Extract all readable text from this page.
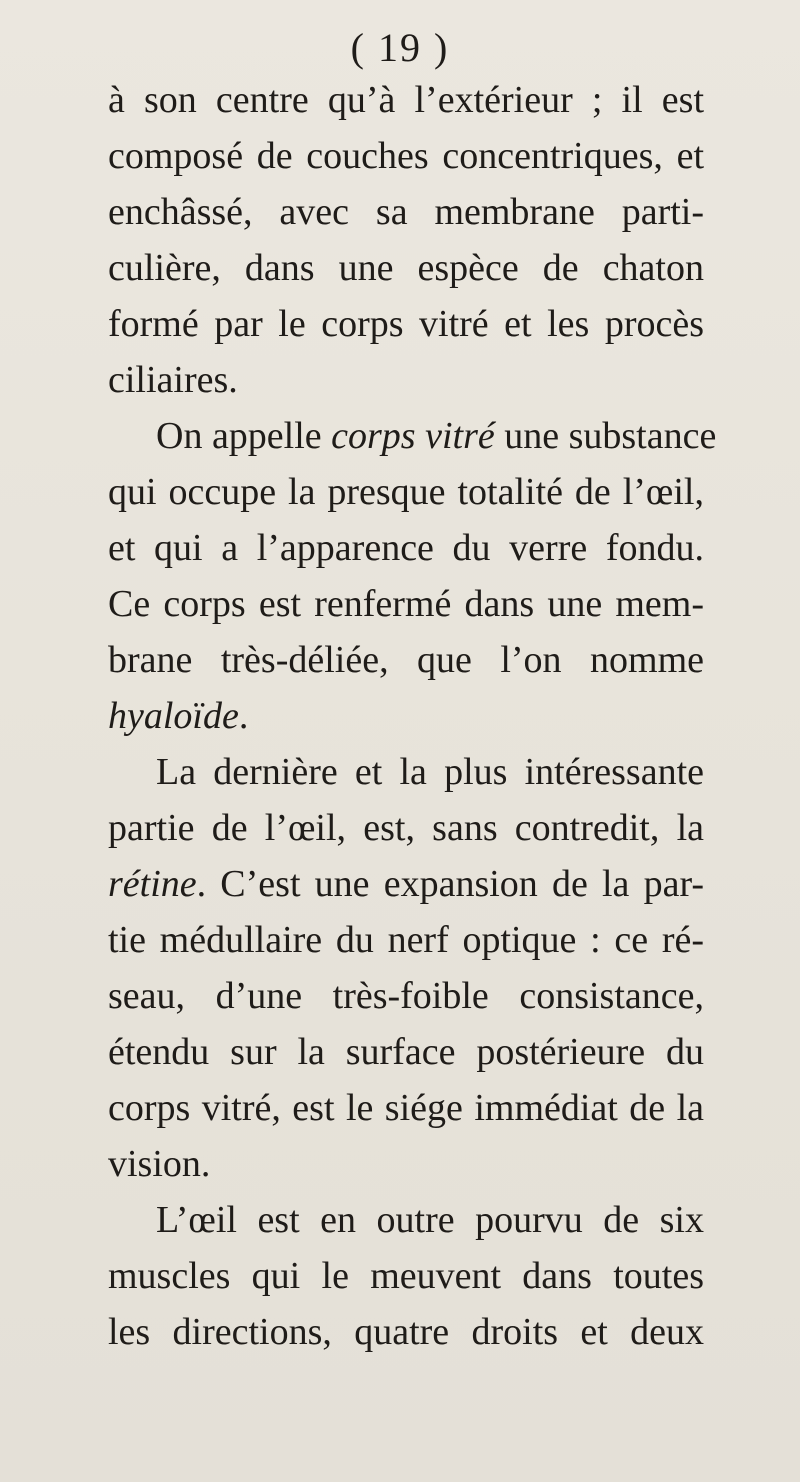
( 19 )
à son centre qu’à l’extérieur ; il est
composé de couches concentriques, et
enchâssé, avec sa membrane parti-
culière, dans une espèce de chaton
formé par le corps vitré et les procès
ciliaires.
On appelle corps vitré une substance
qui occupe la presque totalité de l’œil,
et qui a l’apparence du verre fondu.
Ce corps est renfermé dans une mem-
brane très-déliée, que l’on nomme
hyaloïde.
La dernière et la plus intéressante
partie de l’œil, est, sans contredit, la
rétine. C’est une expansion de la par-
tie médullaire du nerf optique : ce ré-
seau, d’une très-foible consistance,
étendu sur la surface postérieure du
corps vitré, est le siége immédiat de la
vision.
L’œil est en outre pourvu de six
muscles qui le meuvent dans toutes
les directions, quatre droits et deux
